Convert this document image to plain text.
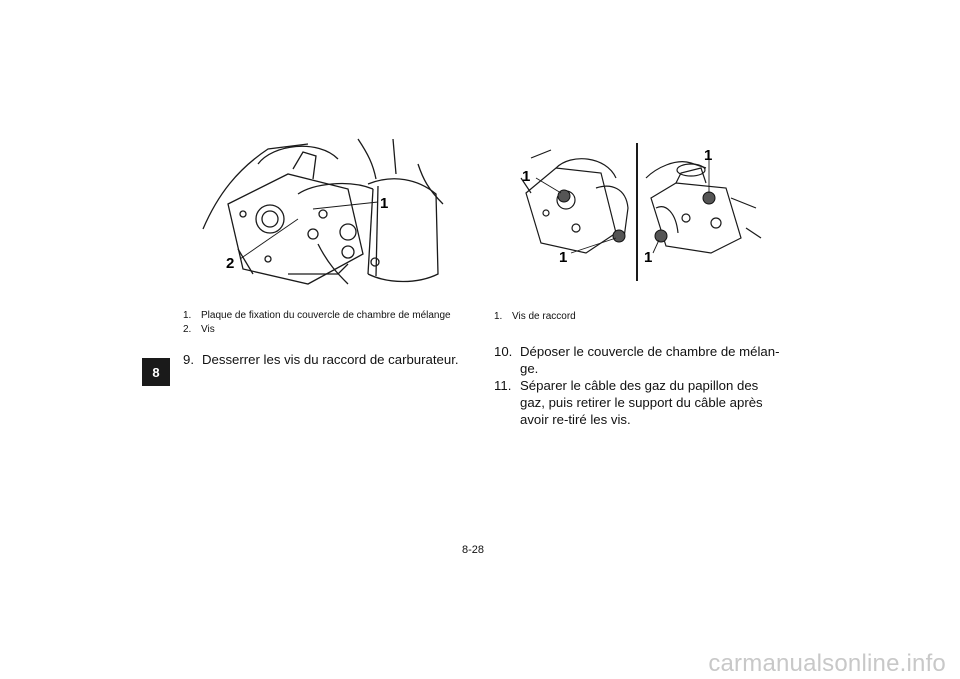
8
1
2
1. Plaque de fixation du couvercle de chambre de mélange
2. Vis
9. Desserrer les vis du raccord de carburateur.
1
1
1
1
1. Vis de raccord
10. Déposer le couvercle de chambre de mélan-ge.
11. Séparer le câble des gaz du papillon des gaz, puis retirer le support du câble après avoir re-tiré les vis.
8-28
carmanualsonline.info
